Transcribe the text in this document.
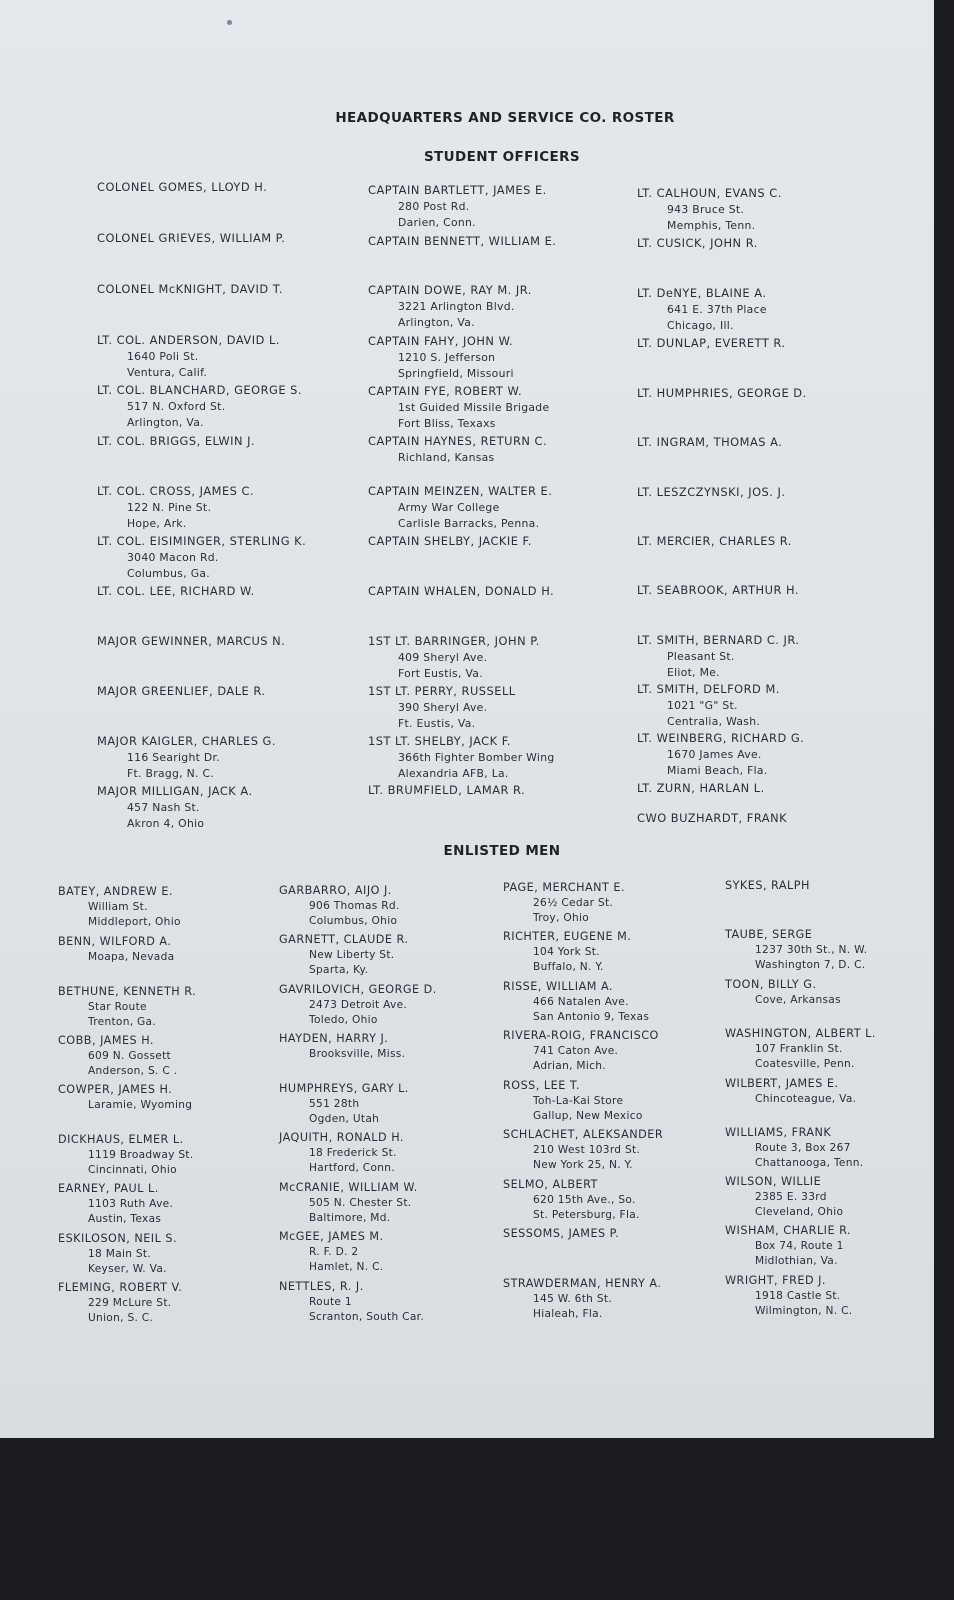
HEADQUARTERS AND SERVICE CO. ROSTER
STUDENT OFFICERS
ENLISTED MEN
COLONEL GOMES, LLOYD H.
COLONEL GRIEVES, WILLIAM P.
COLONEL McKNIGHT, DAVID T.
LT. COL. ANDERSON, DAVID L.
1640 Poli St.
Ventura, Calif.
LT. COL. BLANCHARD, GEORGE S.
517 N. Oxford St.
Arlington, Va.
LT. COL. BRIGGS, ELWIN J.
LT. COL. CROSS, JAMES C.
122 N. Pine St.
Hope, Ark.
LT. COL. EISIMINGER, STERLING K.
3040 Macon Rd.
Columbus, Ga.
LT. COL. LEE, RICHARD W.
MAJOR GEWINNER, MARCUS N.
MAJOR GREENLIEF, DALE R.
MAJOR KAIGLER, CHARLES G.
116 Searight Dr.
Ft. Bragg, N. C.
MAJOR MILLIGAN, JACK A.
457 Nash St.
Akron 4, Ohio
CAPTAIN BARTLETT, JAMES E.
280 Post Rd.
Darien, Conn.
CAPTAIN BENNETT, WILLIAM E.
CAPTAIN DOWE, RAY M. JR.
3221 Arlington Blvd.
Arlington, Va.
CAPTAIN FAHY, JOHN W.
1210 S. Jefferson
Springfield, Missouri
CAPTAIN FYE, ROBERT W.
1st Guided Missile Brigade
Fort Bliss, Texaxs
CAPTAIN HAYNES, RETURN C.
Richland, Kansas
CAPTAIN MEINZEN, WALTER E.
Army War College
Carlisle Barracks, Penna.
CAPTAIN SHELBY, JACKIE F.
CAPTAIN WHALEN, DONALD H.
1ST LT. BARRINGER, JOHN P.
409 Sheryl Ave.
Fort Eustis, Va.
1ST LT. PERRY, RUSSELL
390 Sheryl Ave.
Ft. Eustis, Va.
1ST LT. SHELBY, JACK F.
366th Fighter Bomber Wing
Alexandria AFB, La.
LT. BRUMFIELD, LAMAR R.
LT. CALHOUN, EVANS C.
943 Bruce St.
Memphis, Tenn.
LT. CUSICK, JOHN R.
LT. DeNYE, BLAINE A.
641 E. 37th Place
Chicago, Ill.
LT. DUNLAP, EVERETT R.
LT. HUMPHRIES, GEORGE D.
LT. INGRAM, THOMAS A.
LT. LESZCZYNSKI, JOS. J.
LT. MERCIER, CHARLES R.
LT. SEABROOK, ARTHUR H.
LT. SMITH, BERNARD C. JR.
Pleasant St.
Eliot, Me.
LT. SMITH, DELFORD M.
1021 "G" St.
Centralia, Wash.
LT. WEINBERG, RICHARD G.
1670 James Ave.
Miami Beach, Fla.
LT. ZURN, HARLAN L.
CWO BUZHARDT, FRANK
BATEY, ANDREW E.
William St.
Middleport, Ohio
BENN, WILFORD A.
Moapa, Nevada
BETHUNE, KENNETH R.
Star Route
Trenton, Ga.
COBB, JAMES H.
609 N. Gossett
Anderson, S. C .
COWPER, JAMES H.
Laramie, Wyoming
DICKHAUS, ELMER L.
1119 Broadway St.
Cincinnati, Ohio
EARNEY, PAUL L.
1103 Ruth Ave.
Austin, Texas
ESKILOSON, NEIL S.
18 Main St.
Keyser, W. Va.
FLEMING, ROBERT V.
229 McLure St.
Union, S. C.
GARBARRO, AIJO J.
906 Thomas Rd.
Columbus, Ohio
GARNETT, CLAUDE R.
New Liberty St.
Sparta, Ky.
GAVRILOVICH, GEORGE D.
2473 Detroit Ave.
Toledo, Ohio
HAYDEN, HARRY J.
Brooksville, Miss.
HUMPHREYS, GARY L.
551 28th
Ogden, Utah
JAQUITH, RONALD H.
18 Frederick St.
Hartford, Conn.
McCRANIE, WILLIAM W.
505 N. Chester St.
Baltimore, Md.
McGEE, JAMES M.
R. F. D. 2
Hamlet, N. C.
NETTLES, R. J.
Route 1
Scranton, South Car.
PAGE, MERCHANT E.
26½ Cedar St.
Troy, Ohio
RICHTER, EUGENE M.
104 York St.
Buffalo, N. Y.
RISSE, WILLIAM A.
466 Natalen Ave.
San Antonio 9, Texas
RIVERA-ROIG, FRANCISCO
741 Caton Ave.
Adrian, Mich.
ROSS, LEE T.
Toh-La-Kai Store
Gallup, New Mexico
SCHLACHET, ALEKSANDER
210 West 103rd St.
New York 25, N. Y.
SELMO, ALBERT
620 15th Ave., So.
St. Petersburg, Fla.
SESSOMS, JAMES P.
STRAWDERMAN, HENRY A.
145 W. 6th St.
Hialeah, Fla.
SYKES, RALPH
TAUBE, SERGE
1237 30th St., N. W.
Washington 7, D. C.
TOON, BILLY G.
Cove, Arkansas
WASHINGTON, ALBERT L.
107 Franklin St.
Coatesville, Penn.
WILBERT, JAMES E.
Chincoteague, Va.
WILLIAMS, FRANK
Route 3, Box 267
Chattanooga, Tenn.
WILSON, WILLIE
2385 E. 33rd
Cleveland, Ohio
WISHAM, CHARLIE R.
Box 74, Route 1
Midlothian, Va.
WRIGHT, FRED J.
1918 Castle St.
Wilmington, N. C.
